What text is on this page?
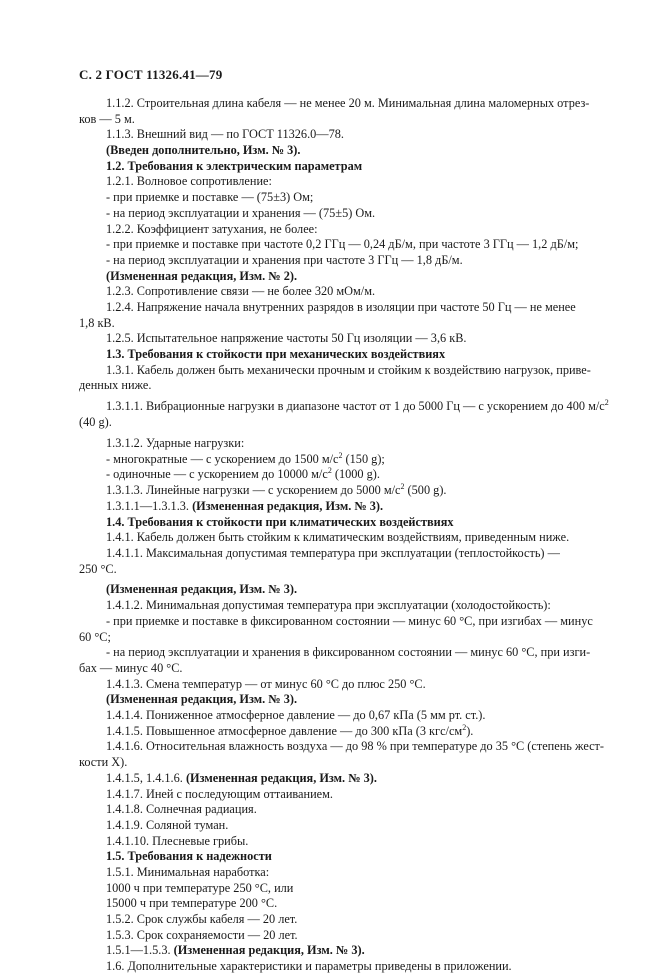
С. 2 ГОСТ 11326.41—79
1.1.2. Строительная длина кабеля — не менее 20 м. Минимальная длина маломерных отрез-
ков — 5 м.
1.1.3. Внешний вид — по ГОСТ 11326.0—78.
(Введен дополнительно, Изм. № 3).
1.2. Требования к электрическим параметрам
1.2.1. Волновое сопротивление:
- при приемке и поставке — (75±3) Ом;
- на период эксплуатации и хранения — (75±5) Ом.
1.2.2. Коэффициент затухания, не более:
- при приемке и поставке при частоте 0,2 ГГц — 0,24 дБ/м, при частоте 3 ГГц — 1,2 дБ/м;
- на период эксплуатации и хранения при частоте 3 ГГц — 1,8 дБ/м.
(Измененная редакция, Изм. № 2).
1.2.3. Сопротивление связи — не более 320 мОм/м.
1.2.4. Напряжение начала внутренних разрядов в изоляции при частоте 50 Гц — не менее
1,8 кВ.
1.2.5. Испытательное напряжение частоты 50 Гц изоляции — 3,6 кВ.
1.3. Требования к стойкости при механических воздействиях
1.3.1. Кабель должен быть механически прочным и стойким к воздействию нагрузок, приве-
денных ниже.
1.3.1.1. Вибрационные нагрузки в диапазоне частот от 1 до 5000 Гц — с ускорением до 400 $м/с^2$
(40 g).
1.3.1.2. Ударные нагрузки:
- многократные — с ускорением до 1500 $м/с^2$ (150 g);
- одиночные — с ускорением до 10000 $м/с^2$ (1000 g).
1.3.1.3. Линейные нагрузки — с ускорением до 5000 $м/с^2$ (500 g).
1.3.1.1—1.3.1.3. (Измененная редакция, Изм. № 3).
1.4. Требования к стойкости при климатических воздействиях
1.4.1. Кабель должен быть стойким к климатическим воздействиям, приведенным ниже.
1.4.1.1. Максимальная допустимая температура при эксплуатации (теплостойкость) —
250 °С.
(Измененная редакция, Изм. № 3).
1.4.1.2. Минимальная допустимая температура при эксплуатации (холодостойкость):
- при приемке и поставке в фиксированном состоянии — минус 60 °С, при изгибах — минус
60 °С;
- на период эксплуатации и хранения в фиксированном состоянии — минус 60 °С, при изги-
бах — минус 40 °С.
1.4.1.3. Смена температур — от минус 60 °С до плюс 250 °С.
(Измененная редакция, Изм. № 3).
1.4.1.4. Пониженное атмосферное давление — до 0,67 кПа (5 мм рт. ст.).
1.4.1.5. Повышенное атмосферное давление — до 300 кПа (3 кгс/$см^2$).
1.4.1.6. Относительная влажность воздуха — до 98 % при температуре до 35 °С (степень жест-
кости Х).
1.4.1.5, 1.4.1.6. (Измененная редакция, Изм. № 3).
1.4.1.7. Иней с последующим оттаиванием.
1.4.1.8. Солнечная радиация.
1.4.1.9. Соляной туман.
1.4.1.10. Плесневые грибы.
1.5. Требования к надежности
1.5.1. Минимальная наработка:
1000 ч при температуре 250 °С, или
15000 ч при температуре 200 °С.
1.5.2. Срок службы кабеля — 20 лет.
1.5.3. Срок сохраняемости — 20 лет.
1.5.1—1.5.3. (Измененная редакция, Изм. № 3).
1.6. Дополнительные характеристики и параметры приведены в приложении.
